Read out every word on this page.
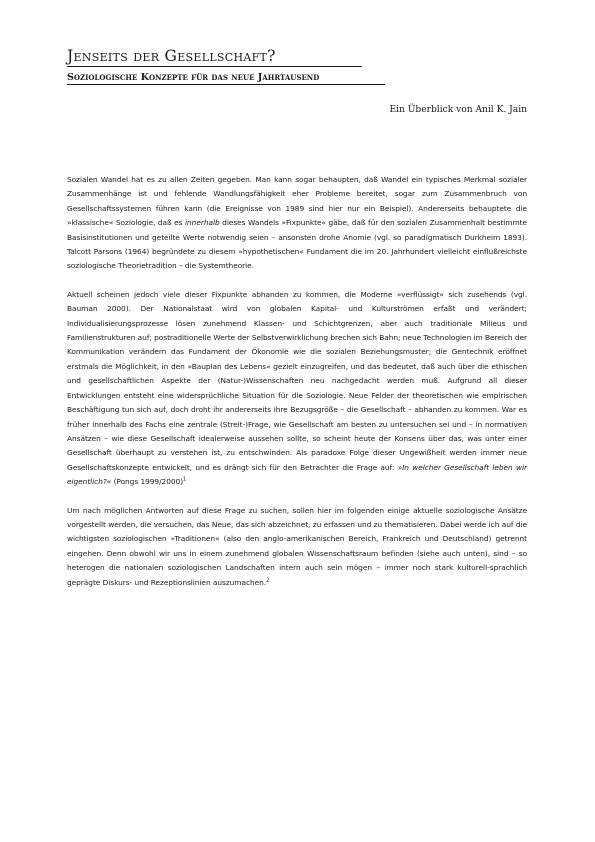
Jenseits der Gesellschaft?
Soziologische Konzepte für das neue Jahrtausend

Ein Überblick von Anil K. Jain

Sozialen Wandel hat es zu allen Zeiten gegeben. Man kann sogar behaupten, daß Wandel ein typisches Merkmal sozialer Zusammenhänge ist und fehlende Wandlungsfähigkeit eher Probleme bereitet, sogar zum Zusammenbruch von Gesellschaftssystemen führen kann (die Ereignisse von 1989 sind hier nur ein Beispiel). Andererseits behauptete die »klassische« Soziologie, daß es innerhalb dieses Wandels »Fixpunkte« gäbe, daß für den sozialen Zusammenhalt bestimmte Basisinstitutionen und geteilte Werte notwendig seien – ansonsten drohe Anomie (vgl. so paradigmatisch Durkheim 1893). Talcott Parsons (1964) begründete zu diesem »hypothetischen« Fundament die im 20. Jahrhundert vielleicht einflußreichste soziologische Theorietradition – die Systemtheorie.

Aktuell scheinen jedoch viele dieser Fixpunkte abhanden zu kommen, die Moderne »verflüssigt« sich zusehends (vgl. Bauman 2000). Der Nationalstaat wird von globalen Kapital- und Kulturströmen erfaßt und verändert; Individualisierungsprozesse lösen zunehmend Klassen- und Schichtgrenzen, aber auch traditionale Milieus und Familienstrukturen auf; postraditionelle Werte der Selbstverwirklichung brechen sich Bahn; neue Technologien im Bereich der Kommunikation verändern das Fundament der Ökonomie wie die sozialen Beziehungsmuster; die Gentechnik eröffnet erstmals die Möglichkeit, in den »Bauplan des Lebens« gezielt einzugreifen, und das bedeutet, daß auch über die ethischen und gesellschaftlichen Aspekte der (Natur-)Wissenschaften neu nachgedacht werden muß. Aufgrund all dieser Entwicklungen entsteht eine widersprüchliche Situation für die Soziologie. Neue Felder der theoretischen wie empirischen Beschäftigung tun sich auf, doch droht ihr andererseits ihre Bezugsgröße – die Gesellschaft – abhanden zu kommen. War es früher innerhalb des Fachs eine zentrale (Streit-)Frage, wie Gesellschaft am besten zu untersuchen sei und – in normativen Ansätzen – wie diese Gesellschaft idealerweise aussehen sollte, so scheint heute der Konsens über das, was unter einer Gesellschaft überhaupt zu verstehen ist, zu entschwinden. Als paradoxe Folge dieser Ungewißheit werden immer neue Gesellschaftskonzepte entwickelt, und es drängt sich für den Betrachter die Frage auf: »In welcher Gesellschaft leben wir eigentlich?« (Pongs 1999/2000)$^1$

Um nach möglichen Antworten auf diese Frage zu suchen, sollen hier im folgenden einige aktuelle soziologische Ansätze vorgestellt werden, die versuchen, das Neue, das sich abzeichnet, zu erfassen und zu thematisieren. Dabei werde ich auf die wichtigsten soziologischen »Traditionen« (also den anglo-amerikanischen Bereich, Frankreich und Deutschland) getrennt eingehen. Denn obwohl wir uns in einem zunehmend globalen Wissenschaftsraum befinden (siehe auch unten), sind – so heterogen die nationalen soziologischen Landschaften intern auch sein mögen – immer noch stark kulturell-sprachlich geprägte Diskurs- und Rezeptionslinien auszumachen.$^2$
